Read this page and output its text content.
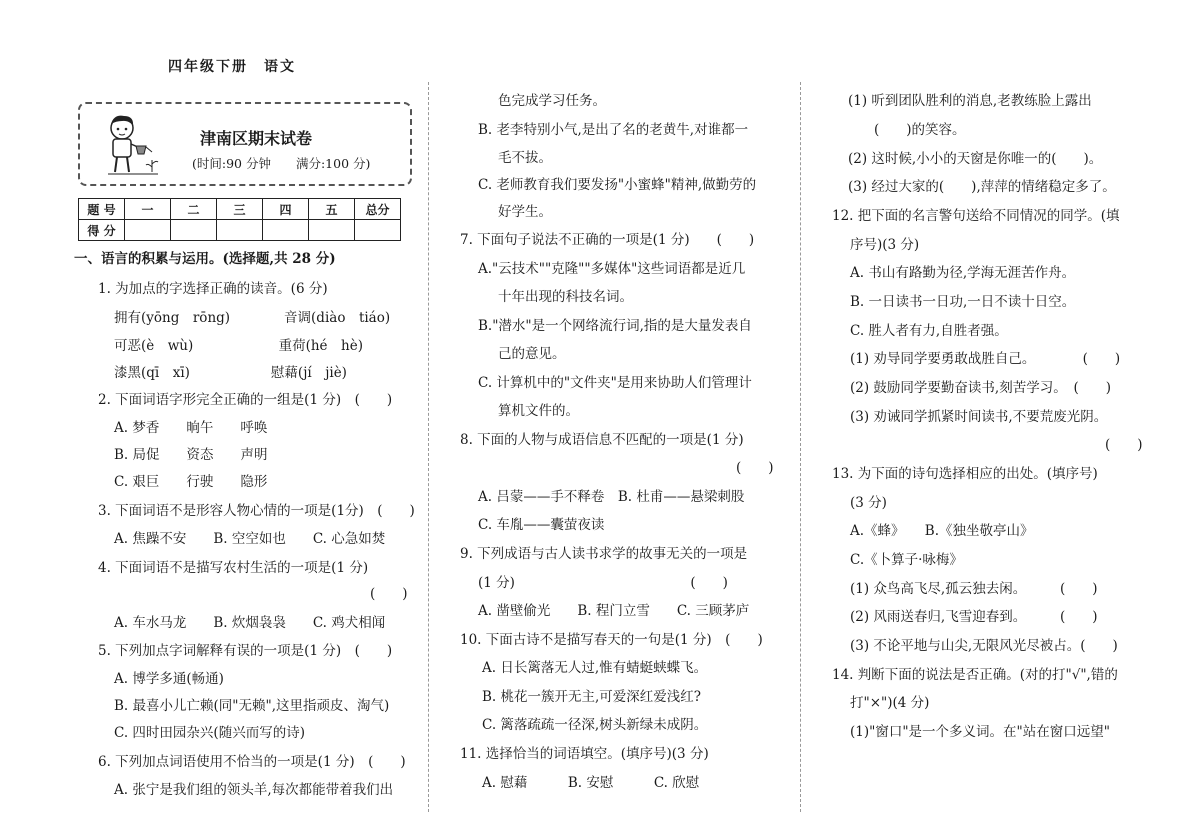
四年级下册　语文
津南区期末试卷
(时间:90 分钟　　满分:100 分)
题 号	一	二	三	四	五	总分
得 分						
一、语言的积累与运用。(选择题,共 28 分)
1. 为加点的字选择正确的读音。(6 分)
拥有(yōng　rōng)　　　　音调(diào　tiáo)
可恶(è　wù)　　　　　　 重荷(hé　hè)
漆黑(qī　xī)　　　　　　慰藉(jí　jiè)
2. 下面词语字形完全正确的一组是(1 分)　(　　)
A. 梦香　　晌午　　呼唤
B. 局促　　资态　　声明
C. 艰巨　　行驶　　隐形
3. 下面词语不是形容人物心情的一项是(1分)　(　　)
A. 焦躁不安　　B. 空空如也　　C. 心急如焚
4. 下面词语不是描写农村生活的一项是(1 分)
(　　)
A. 车水马龙　　B. 炊烟袅袅　　C. 鸡犬相闻
5. 下列加点字词解释有误的一项是(1 分)　(　　)
A. 博学多通(畅通)
B. 最喜小儿亡赖(同"无赖",这里指顽皮、淘气)
C. 四时田园杂兴(随兴而写的诗)
6. 下列加点词语使用不恰当的一项是(1 分)　(　　)
A. 张宁是我们组的领头羊,每次都能带着我们出
色完成学习任务。
B. 老李特别小气,是出了名的老黄牛,对谁都一
毛不拔。
C. 老师教育我们要发扬"小蜜蜂"精神,做勤劳的
好学生。
7. 下面句子说法不正确的一项是(1 分)　　(　　)
A."云技术""克隆""多媒体"这些词语都是近几
十年出现的科技名词。
B."潜水"是一个网络流行词,指的是大量发表自
己的意见。
C. 计算机中的"文件夹"是用来协助人们管理计
算机文件的。
8. 下面的人物与成语信息不匹配的一项是(1 分)
(　　)
A. 吕蒙——手不释卷　B. 杜甫——悬梁刺股
C. 车胤——囊萤夜读
9. 下列成语与古人读书求学的故事无关的一项是
(1 分)　　　　　　　　　　　　　(　　)
A. 凿壁偷光　　B. 程门立雪　　C. 三顾茅庐
10. 下面古诗不是描写春天的一句是(1 分)　(　　)
A. 日长篱落无人过,惟有蜻蜓蛱蝶飞。
B. 桃花一簇开无主,可爱深红爱浅红?
C. 篱落疏疏一径深,树头新绿未成阴。
11. 选择恰当的词语填空。(填序号)(3 分)
A. 慰藉　　　B. 安慰　　　C. 欣慰
(1) 听到团队胜利的消息,老教练脸上露出
(　　)的笑容。
(2) 这时候,小小的天窗是你唯一的(　　)。
(3) 经过大家的(　　),萍萍的情绪稳定多了。
12. 把下面的名言警句送给不同情况的同学。(填
序号)(3 分)
A. 书山有路勤为径,学海无涯苦作舟。
B. 一日读书一日功,一日不读十日空。
C. 胜人者有力,自胜者强。
(1) 劝导同学要勇敢战胜自己。　　　　(　　)
(2) 鼓励同学要勤奋读书,刻苦学习。　(　　)
(3) 劝诫同学抓紧时间读书,不要荒废光阴。
(　　)
13. 为下面的诗句选择相应的出处。(填序号)
(3 分)
A.《蜂》　　B.《独坐敬亭山》
C.《卜算子·咏梅》
(1) 众鸟高飞尽,孤云独去闲。　　　(　　)
(2) 风雨送春归,飞雪迎春到。　　　(　　)
(3) 不论平地与山尖,无限风光尽被占。(　　)
14. 判断下面的说法是否正确。(对的打"√",错的
打"×")(4 分)
(1)"窗口"是一个多义词。在"站在窗口远望"
